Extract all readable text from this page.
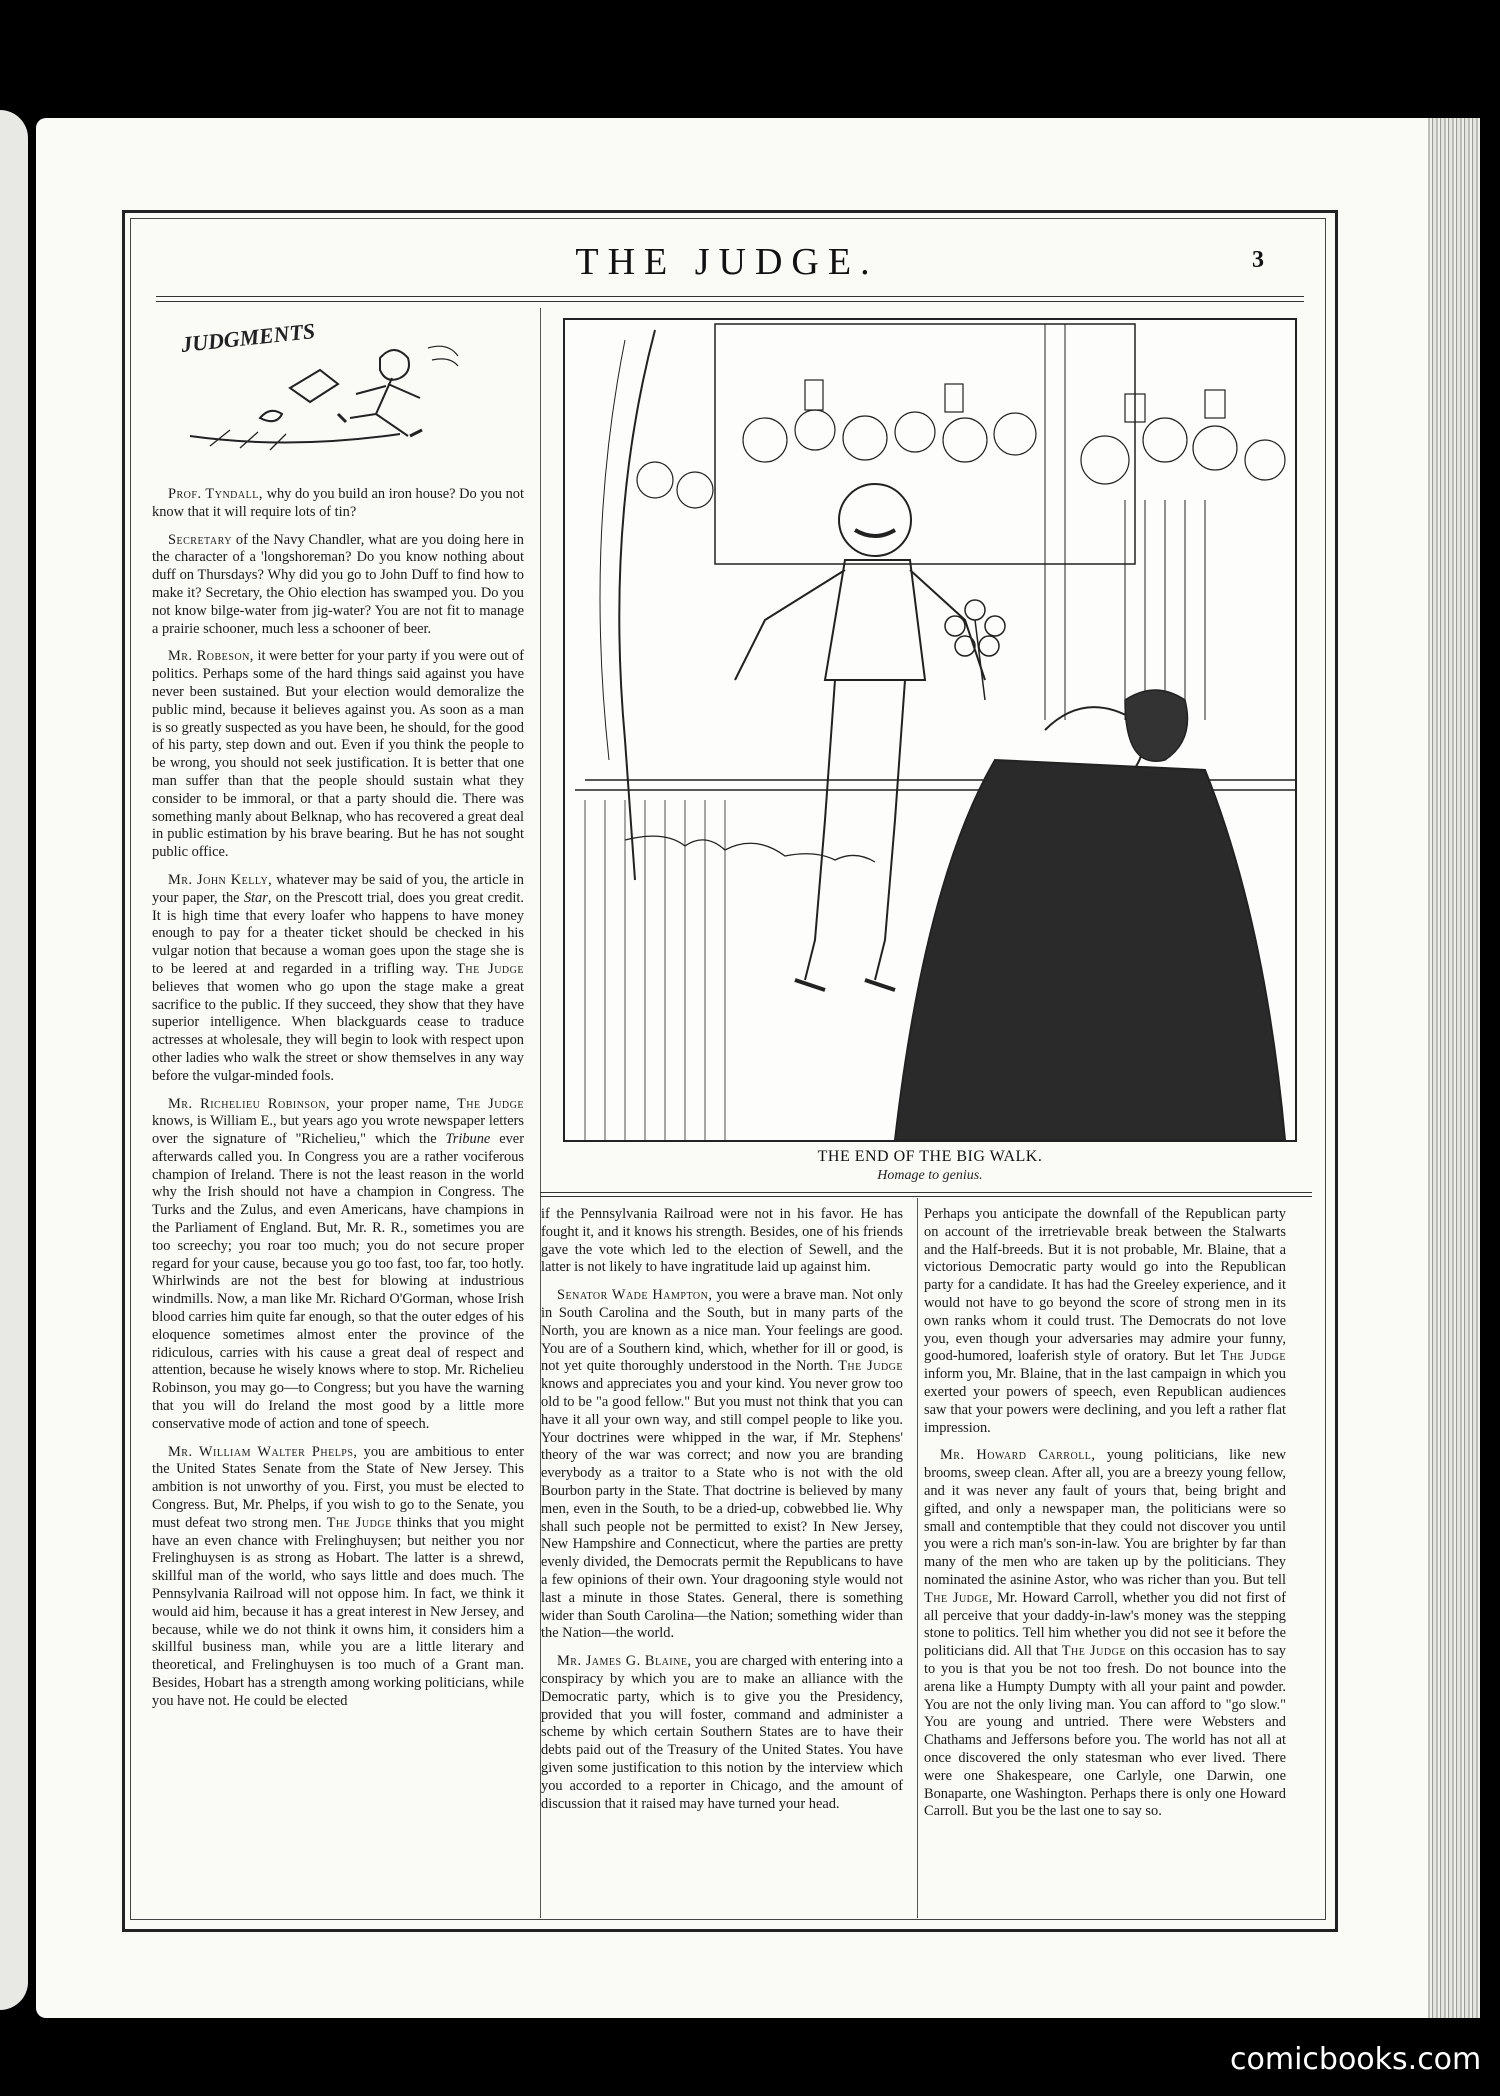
THE JUDGE.	3
JUDGMENTS

Prof. Tyndall, why do you build an iron house? Do you not know that it will require lots of tin?

Secretary of the Navy Chandler, what are you doing here in the character of a 'longshoreman? Do you know nothing about duff on Thursdays? Why did you go to John Duff to find how to make it? Secretary, the Ohio election has swamped you. Do you not know bilge-water from jig-water? You are not fit to manage a prairie schooner, much less a schooner of beer.

Mr. Robeson, it were better for your party if you were out of politics. Perhaps some of the hard things said against you have never been sustained. But your election would demoralize the public mind, because it believes against you. As soon as a man is so greatly suspected as you have been, he should, for the good of his party, step down and out. Even if you think the people to be wrong, you should not seek justification. It is better that one man suffer than that the people should sustain what they consider to be immoral, or that a party should die. There was something manly about Belknap, who has recovered a great deal in public estimation by his brave bearing. But he has not sought public office.

Mr. John Kelly, whatever may be said of you, the article in your paper, the Star, on the Prescott trial, does you great credit. It is high time that every loafer who happens to have money enough to pay for a theater ticket should be checked in his vulgar notion that because a woman goes upon the stage she is to be leered at and regarded in a trifling way. The Judge believes that women who go upon the stage make a great sacrifice to the public. If they succeed, they show that they have superior intelligence. When blackguards cease to traduce actresses at wholesale, they will begin to look with respect upon other ladies who walk the street or show themselves in any way before the vulgar-minded fools.

Mr. Richelieu Robinson, your proper name, The Judge knows, is William E., but years ago you wrote newspaper letters over the signature of "Richelieu," which the Tribune ever afterwards called you. In Congress you are a rather vociferous champion of Ireland. There is not the least reason in the world why the Irish should not have a champion in Congress. The Turks and the Zulus, and even Americans, have champions in the Parliament of England. But, Mr. R. R., sometimes you are too screechy; you roar too much; you do not secure proper regard for your cause, because you go too fast, too far, too hotly. Whirlwinds are not the best for blowing at industrious windmills. Now, a man like Mr. Richard O'Gorman, whose Irish blood carries him quite far enough, so that the outer edges of his eloquence sometimes almost enter the province of the ridiculous, carries with his cause a great deal of respect and attention, because he wisely knows where to stop. Mr. Richelieu Robinson, you may go—to Congress; but you have the warning that you will do Ireland the most good by a little more conservative mode of action and tone of speech.

Mr. William Walter Phelps, you are ambitious to enter the United States Senate from the State of New Jersey. This ambition is not unworthy of you. First, you must be elected to Congress. But, Mr. Phelps, if you wish to go to the Senate, you must defeat two strong men. The Judge thinks that you might have an even chance with Frelinghuysen; but neither you nor Frelinghuysen is as strong as Hobart. The latter is a shrewd, skillful man of the world, who says little and does much. The Pennsylvania Railroad will not oppose him. In fact, we think it would aid him, because it has a great interest in New Jersey, and because, while we do not think it owns him, it considers him a skillful business man, while you are a little literary and theoretical, and Frelinghuysen is too much of a Grant man. Besides, Hobart has a strength among working politicians, while you have not. He could be elected

THE END OF THE BIG WALK.
Homage to genius.

if the Pennsylvania Railroad were not in his favor. He has fought it, and it knows his strength. Besides, one of his friends gave the vote which led to the election of Sewell, and the latter is not likely to have ingratitude laid up against him.

Senator Wade Hampton, you were a brave man. Not only in South Carolina and the South, but in many parts of the North, you are known as a nice man. Your feelings are good. You are of a Southern kind, which, whether for ill or good, is not yet quite thoroughly understood in the North. The Judge knows and appreciates you and your kind. You never grow too old to be "a good fellow." But you must not think that you can have it all your own way, and still compel people to like you. Your doctrines were whipped in the war, if Mr. Stephens' theory of the war was correct; and now you are branding everybody as a traitor to a State who is not with the old Bourbon party in the State. That doctrine is believed by many men, even in the South, to be a dried-up, cobwebbed lie. Why shall such people not be permitted to exist? In New Jersey, New Hampshire and Connecticut, where the parties are pretty evenly divided, the Democrats permit the Republicans to have a few opinions of their own. Your dragooning style would not last a minute in those States. General, there is something wider than South Carolina—the Nation; something wider than the Nation—the world.

Mr. James G. Blaine, you are charged with entering into a conspiracy by which you are to make an alliance with the Democratic party, which is to give you the Presidency, provided that you will foster, command and administer a scheme by which certain Southern States are to have their debts paid out of the Treasury of the United States. You have given some justification to this notion by the interview which you accorded to a reporter in Chicago, and the amount of discussion that it raised may have turned your head.

Perhaps you anticipate the downfall of the Republican party on account of the irretrievable break between the Stalwarts and the Half-breeds. But it is not probable, Mr. Blaine, that a victorious Democratic party would go into the Republican party for a candidate. It has had the Greeley experience, and it would not have to go beyond the score of strong men in its own ranks whom it could trust. The Democrats do not love you, even though your adversaries may admire your funny, good-humored, loaferish style of oratory. But let The Judge inform you, Mr. Blaine, that in the last campaign in which you exerted your powers of speech, even Republican audiences saw that your powers were declining, and you left a rather flat impression.

Mr. Howard Carroll, young politicians, like new brooms, sweep clean. After all, you are a breezy young fellow, and it was never any fault of yours that, being bright and gifted, and only a newspaper man, the politicians were so small and contemptible that they could not discover you until you were a rich man's son-in-law. You are brighter by far than many of the men who are taken up by the politicians. They nominated the asinine Astor, who was richer than you. But tell The Judge, Mr. Howard Carroll, whether you did not first of all perceive that your daddy-in-law's money was the stepping stone to politics. Tell him whether you did not see it before the politicians did. All that The Judge on this occasion has to say to you is that you be not too fresh. Do not bounce into the arena like a Humpty Dumpty with all your paint and powder. You are not the only living man. You can afford to "go slow." You are young and untried. There were Websters and Chathams and Jeffersons before you. The world has not all at once discovered the only statesman who ever lived. There were one Shakespeare, one Carlyle, one Darwin, one Bonaparte, one Washington. Perhaps there is only one Howard Carroll. But you be the last one to say so.

comicbooks.com
